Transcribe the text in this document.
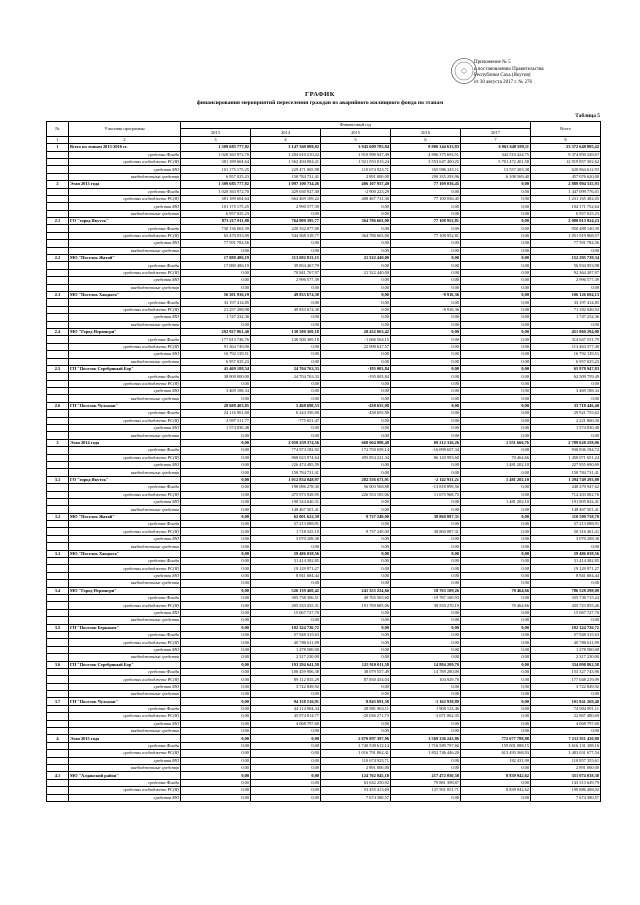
Приложение № 5
к постановлению Правительства
Республики Саха (Якутия)
от 30 августа 2017 г. № 276
ГРАФИК
финансирования мероприятий переселения граждан из аварийного жилищного фонда по этапам
Таблица 5
№	Участник программы	Финансовый год					Всего
		2013	2014	2015	2016	2017	
1	2	3	4	5	6	7	8
1	Всего по этапам 2013-2016 гг.	1 309 685 777,82	3 147 360 088,82	3 945 609 785,84	8 906 344 633,83	6 063 648 599,11	23 372 648 885,42
	средства Фонда	1 020 363 972,70	1 204 610 210,22	1 910 990 047,49	4 896 375 694,51	342 510 424,75	9 374 850 349,67
	средства госбюджета РС(Я)	381 189 604,64	1 562 494 084,21	1 921 053 815,24	3 553 647 400,25	5 701 472 401,58	12 919 857 302,62
	средства МО	101 175 175,25	229 471 065,98	110 674 923,71	165 986 245,11	13 557 203,38	620 864 612,93
	внебюджетные средства	6 957 025,23	150 784 731,41	2 891 000,00	290 335 293,96	6 108 569,40	457 076 620,00
2	Этап 2013 года	1 309 685 777,82	1 097 100 734,26	406 107 957,40	77 100 036,45	0,00	2 889 994 535,93
	средства Фонда	1 020 363 972,70	429 630 927,30	-2 900 223,29	0,00	0,00	1 447 099 776,01
	средства госбюджета РС(Я)	381 189 604,64	664 469 109,22	408 467 731,30	77 100 036,45	0,00	1 231 165 482,05
	средства МО	101 175 175,25	2 990 577,39	0,00	0,00	0,00	104 171 752,64
	внебюджетные средства	6 957 025,23	0,00	0,00	0,00	0,00	6 957 025,23
2.1	ГО "город Якутск"	873 217 911,88	764 900 395,77	364 786 663,00	77 108 952,81	0,00	2 080 013 924,23
	средства Фонда	730 136 063,39	220 332 077,00	0,00	0,00	0,00	950 488 140,39
	средства госбюджета РС(Я)	63 470 033,99	544 568 318,77	364 786 663,00	77 108 952,81	0,00	1 051 919 968,57
	средства МО	77 591 784,56	0,00	0,00	0,00	0,00	77 591 784,56
	внебюджетные средства	0,00	0,00	0,00	0,00	0,00	0,00
2.2	МО "Поселок Жатай"	17 080 486,19	113 692 813,15	21 522 440,00	0,00	0,00	152 295 739,34
	средства Фонда	17 080 486,19	39 854 467,79	0,00	0,00	0,00	56 934 953,98
	средства госбюджета РС(Я)	0,00	70 841 767,97	21 522 440,00	0,00	0,00	92 364 207,97
	средства МО	0,00	2 996 577,39	0,00	0,00	0,00	2 996 577,39
	внебюджетные средства	0,00	0,00	0,00	0,00	0,00	0,00
2.3	МО "Поселок Хандыга"	56 301 936,19	49 833 674,30	0,00	-8 916,36	0,00	106 126 694,13
	средства Фонда	33 197 414,85	0,00	0,00	0,00	0,00	33 197 414,85
	средства госбюджета РС(Я)	21 257 288,98	49 833 674,30	0,00	-8 916,36	0,00	71 182 046,92
	средства МО	1 747 232,36	0,00	0,00	0,00	0,00	1 747 232,36
	внебюджетные средства	0,00	0,00	0,00	0,00	0,00	0,00
2.4	МО "Город Нерюнгри"	292 927 861,40	138 500 369,18	20 432 063,42	0,00	0,00	451 860 294,00
	средства Фонда	177 813 746,76	138 500 369,18	-1 666 564,15	0,00	0,00	314 647 551,79
	средства госбюджета РС(Я)	91 364 749,00	0,00	22 098 627,57	0,00	0,00	113 463 377,49
	средства МО	16 792 139,51	0,00	0,00	0,00	0,00	16 792 139,51
	внебюджетные средства	6 957 025,23	0,00	0,00	0,00	0,00	6 957 025,23
2.5	ГП "Поселок Серебряный Бор"	41 469 188,34	24 704 763,33	-195 003,84	0,00	0,00	65 978 947,83
	средства Фонда	38 000 000,00	24 704 763,33	-195 003,84	0,00	0,00	62 509 759,49
	средства госбюджета РС(Я)	0,00	0,00	0,00	0,00	0,00	0,00
	средства МО	3 469 188,34	0,00	0,00	0,00	0,00	3 469 188,34
	внебюджетные средства	0,00	0,00	0,00	0,00	0,00	0,00
2.6	ГП "Поселок Чульман"	28 688 403,85	5 468 698,53	-438 655,98	0,00	0,00	33 718 446,40
	средства Фонда	24 116 961,60	6 244 350,00	-438 655,98	0,00	0,00	29 921 755,62
	средства госбюджета РС(Я)	2 997 511,77	-775 651,47	0,00	0,00	0,00	2 221 860,30
	средства МО	1 574 830,48	0,00	0,00	0,00	0,00	1 574 830,48
	внебюджетные средства	0,00	0,00	0,00	0,00	0,00	0,00
3	Этап 2014 года	0,00	2 050 259 374,56	668 604 880,48	69 212 336,26	1 551 666,76	2 789 628 258,06
	средства Фонда	0,00	774 974 182,92	172 750 659,14	-16 098 657,34	0,00	930 836 184,72
	средства госбюджета РС(Я)	0,00	868 023 974,64	495 854 221,34	86 120 993,60	70 464,66	1 450 071 651,24
	средства МО	0,00	226 474 485,59	0,00	0,00	1 481 202,10	227 955 690,69
	внебюджетные средства	0,00	150 784 731,41	0,00	0,00	0,00	150 784 731,41
3.1	ГО "город Якутск"	0,00	1 012 854 848,97	282 556 673,91	-2 142 931,21	1 481 202,10	1 294 749 293,80
	средства Фонда	0,00	198 086 278,30	56 003 568,88	-13 818 899,56	0,00	240 270 947,62
	средства госбюджета РС(Я)	0,00	475 973 928,95	226 553 105,06	11 675 968,75	0,00	714 203 002,76
	средства МО	0,00	190 324 640,31	0,00	0,00	1 481 202,10	191 805 842,41
	внебюджетные средства	0,00	148 467 501,41	0,00	0,00	0,00	148 467 501,41
3.2	МО "Поселок Жатай"	0,00	62 001 622,39	9 737 249,00	38 860 887,31	0,00	110 599 758,70
	средства Фонда	0,00	57 213 088,91	0,00	0,00	0,00	57 213 088,91
	средства госбюджета РС(Я)	0,00	1 718 325,10	9 737 249,00	38 860 887,31	0,00	50 316 461,41
	средства МО	0,00	3 070 208,38	0,00	0,00	0,00	3 070 208,38
	внебюджетные средства	0,00	0,00	0,00	0,00	0,00	0,00
3.3	МО "Поселок Хандыга"	0,00	59 486 038,56	0,00	0,00	0,00	59 486 038,56
	средства Фонда	0,00	31 414 382,85	0,00	0,00	0,00	31 414 382,85
	средства госбюджета РС(Я)	0,00	19 129 971,27	0,00	0,00	0,00	19 129 971,27
	средства МО	0,00	8 941 684,44	0,00	0,00	0,00	8 941 684,44
	внебюджетные средства	0,00	0,00	0,00	0,00	0,00	0,00
3.4	МО "Город Нерюнгри"	0,00	526 139 469,42	241 555 254,66	18 763 109,26	70 464,66	786 528 298,00
	средства Фонда	0,00	305 738 306,51	49 765 565,60	-19 787 160,93	0,00	335 736 715,24
	средства госбюджета РС(Я)	0,00	205 333 435,31	191 769 685,06	38 550 270,19	70 464,66	435 723 855,26
	средства МО	0,00	15 067 727,70	0,00	0,00	0,00	15 067 727,70
	внебюджетные средства	0,00	0,00	0,00	0,00	0,00	0,00
3.5	ГП "Поселок Беркакит"	0,00	102 324 726,72	0,00	0,00	0,00	102 324 726,72
	средства Фонда	0,00	57 948 315,63	0,00	0,00	0,00	57 948 315,63
	средства госбюджета РС(Я)	0,00	40 780 611,09	0,00	0,00	0,00	40 780 611,09
	средства МО	0,00	1 278 580,00	0,00	0,00	0,00	1 278 580,00
	внебюджетные средства	0,00	2 317 230,00	0,00	0,00	0,00	2 317 230,00
3.6	ГП "Поселок Серебряный Бор"	0,00	193 294 641,59	125 910 011,58	14 894 209,79	0,00	334 098 862,58
	средства Фонда	0,00	100 459 906,38	38 079 557,49	14 789 280,09	0,00	153 327 743,96
	средства госбюджета РС(Я)	0,00	89 112 835,29	87 830 454,04	104 929,70	0,00	177 048 219,09
	средства МО	0,00	3 722 849,92	0,00	0,00	0,00	3 722 849,92
	внебюджетные средства	0,00	0,00	0,00	0,00	0,00	0,00
3.7	ГП "Поселок Чульман"	0,00	94 158 516,91	8 845 691,38	-1 162 938,89	0,00	101 841 269,40
	средства Фонда	0,00	44 114 904,34	28 881 963,11	1 908 123,46	0,00	74 904 991,11
	средства госбюджета РС(Я)	0,00	45 974 814,77	-20 036 271,73	-3 071 062,35	0,00	22 867 480,69
	средства МО	0,00	4 068 797,60	0,00	0,00	0,00	4 068 797,60
	внебюджетные средства	0,00	0,00	0,00	0,00	0,00	0,00
4	Этап 2015 года	0,00	0,00	2 870 897 397,96	3 569 336 243,86	772 677 788,98	7 212 911 430,80
	средства Фонда	0,00	0,00	1 740 539 612,14	1 716 589 797,66	159 001 088,15	3 616 131 108,16
	средства госбюджета РС(Я)	0,00	0,00	1 016 791 862,41	1 852 746 446,20	613 493 368,93	3 483 031 677,54
	средства МО	0,00	0,00	110 674 923,71	0,00	182 431,90	110 857 355,61
	внебюджетные средства	0,00	0,00	2 891 000,00	0,00	0,00	2 891 000,00
4.1	МО "Алданский район"	0,00	0,00	124 762 045,18	217 472 050,58	8 839 942,62	351 074 038,38
	средства Фонда	0,00	0,00	63 632 250,92	79 881 398,87	0,00	143 513 649,79
	средства госбюджета РС(Я)	0,00	0,00	53 455 413,69	137 591 051,71	8 839 942,62	199 886 408,02
	средства МО	0,00	0,00	7 674 380,57	0,00	0,00	7 674 380,57
